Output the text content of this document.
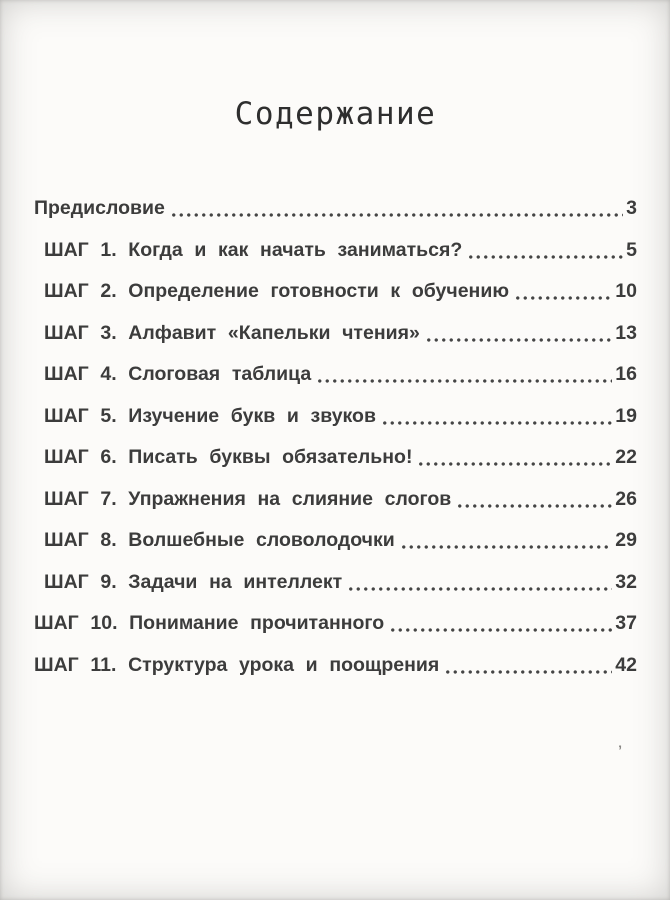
Содержание
Предисловие	3
ШАГ 1. Когда и как начать заниматься?	5
ШАГ 2. Определение готовности к обучению	10
ШАГ 3. Алфавит «Капельки чтения»	13
ШАГ 4. Слоговая таблица	16
ШАГ 5. Изучение букв и звуков	19
ШАГ 6. Писать буквы обязательно!	22
ШАГ 7. Упражнения на слияние слогов	26
ШАГ 8. Волшебные словолодочки	29
ШАГ 9. Задачи на интеллект	32
ШАГ 10. Понимание прочитанного	37
ШАГ 11. Структура урока и поощрения	42
’
